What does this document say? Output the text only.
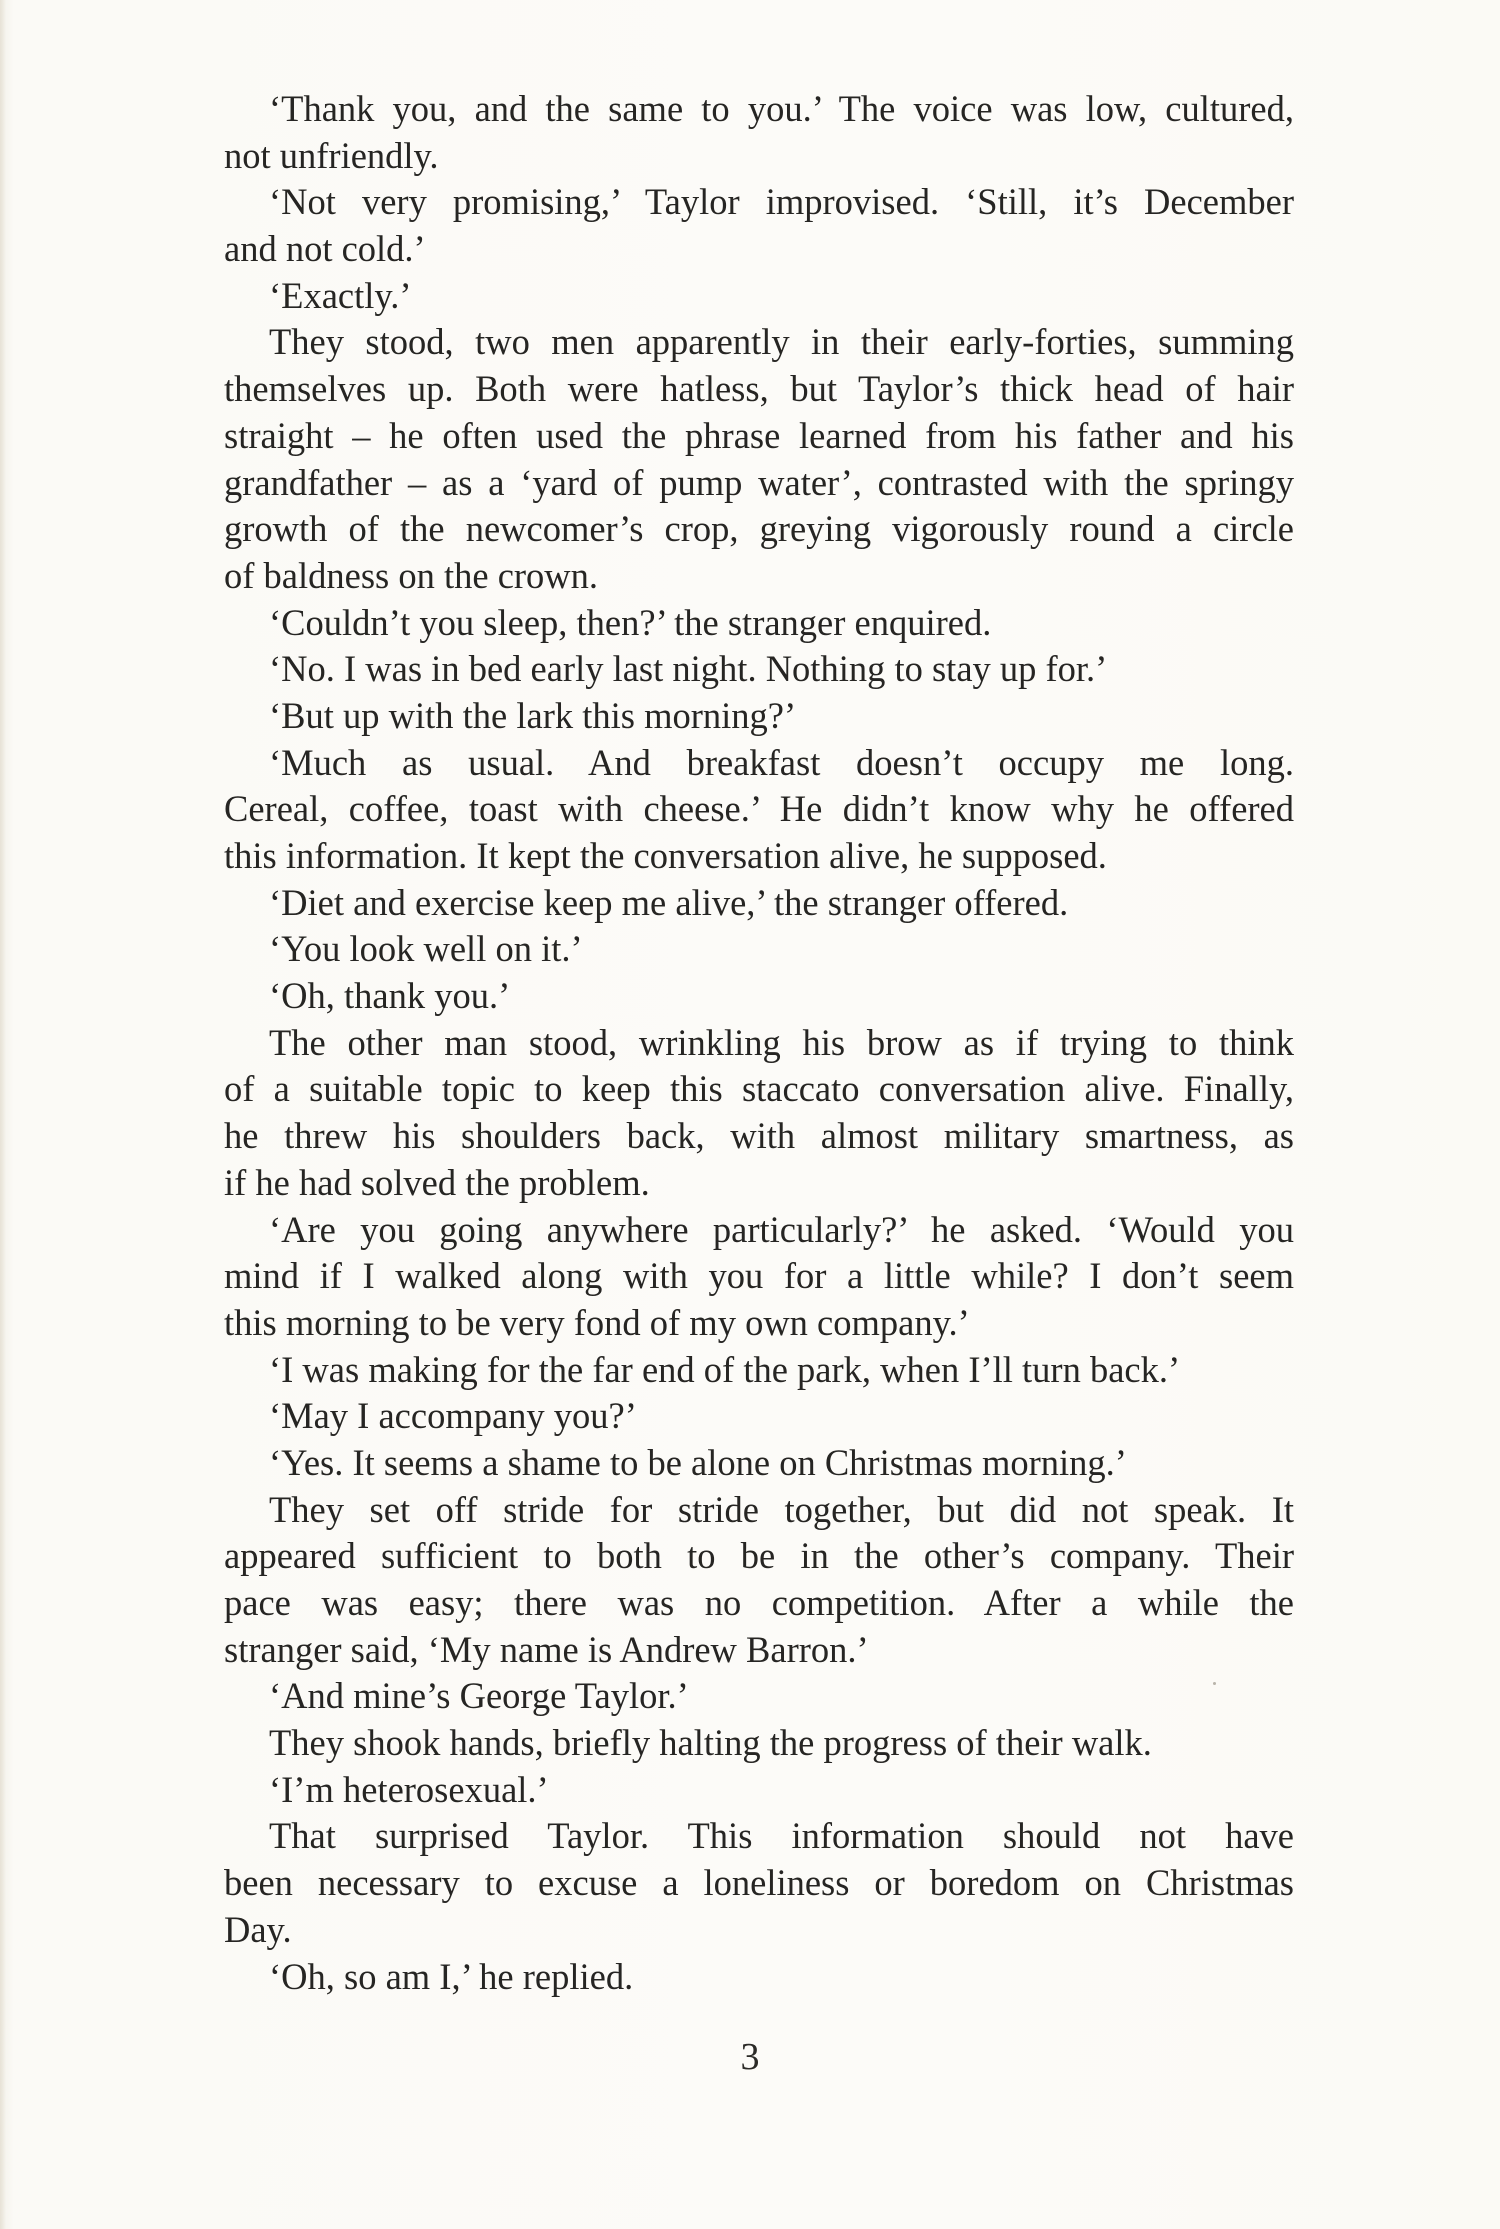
‘Thank you, and the same to you.’ The voice was low, cultured,
not unfriendly.
‘Not very promising,’ Taylor improvised. ‘Still, it’s December
and not cold.’
‘Exactly.’
They stood, two men apparently in their early-forties, summing
themselves up. Both were hatless, but Taylor’s thick head of hair
straight – he often used the phrase learned from his father and his
grandfather – as a ‘yard of pump water’, contrasted with the springy
growth of the newcomer’s crop, greying vigorously round a circle
of baldness on the crown.
‘Couldn’t you sleep, then?’ the stranger enquired.
‘No. I was in bed early last night. Nothing to stay up for.’
‘But up with the lark this morning?’
‘Much as usual. And breakfast doesn’t occupy me long.
Cereal, coffee, toast with cheese.’ He didn’t know why he offered
this information. It kept the conversation alive, he supposed.
‘Diet and exercise keep me alive,’ the stranger offered.
‘You look well on it.’
‘Oh, thank you.’
The other man stood, wrinkling his brow as if trying to think
of a suitable topic to keep this staccato conversation alive. Finally,
he threw his shoulders back, with almost military smartness, as
if he had solved the problem.
‘Are you going anywhere particularly?’ he asked. ‘Would you
mind if I walked along with you for a little while? I don’t seem
this morning to be very fond of my own company.’
‘I was making for the far end of the park, when I’ll turn back.’
‘May I accompany you?’
‘Yes. It seems a shame to be alone on Christmas morning.’
They set off stride for stride together, but did not speak. It
appeared sufficient to both to be in the other’s company. Their
pace was easy; there was no competition. After a while the
stranger said, ‘My name is Andrew Barron.’
‘And mine’s George Taylor.’
They shook hands, briefly halting the progress of their walk.
‘I’m heterosexual.’
That surprised Taylor. This information should not have
been necessary to excuse a loneliness or boredom on Christmas
Day.
‘Oh, so am I,’ he replied.
3
